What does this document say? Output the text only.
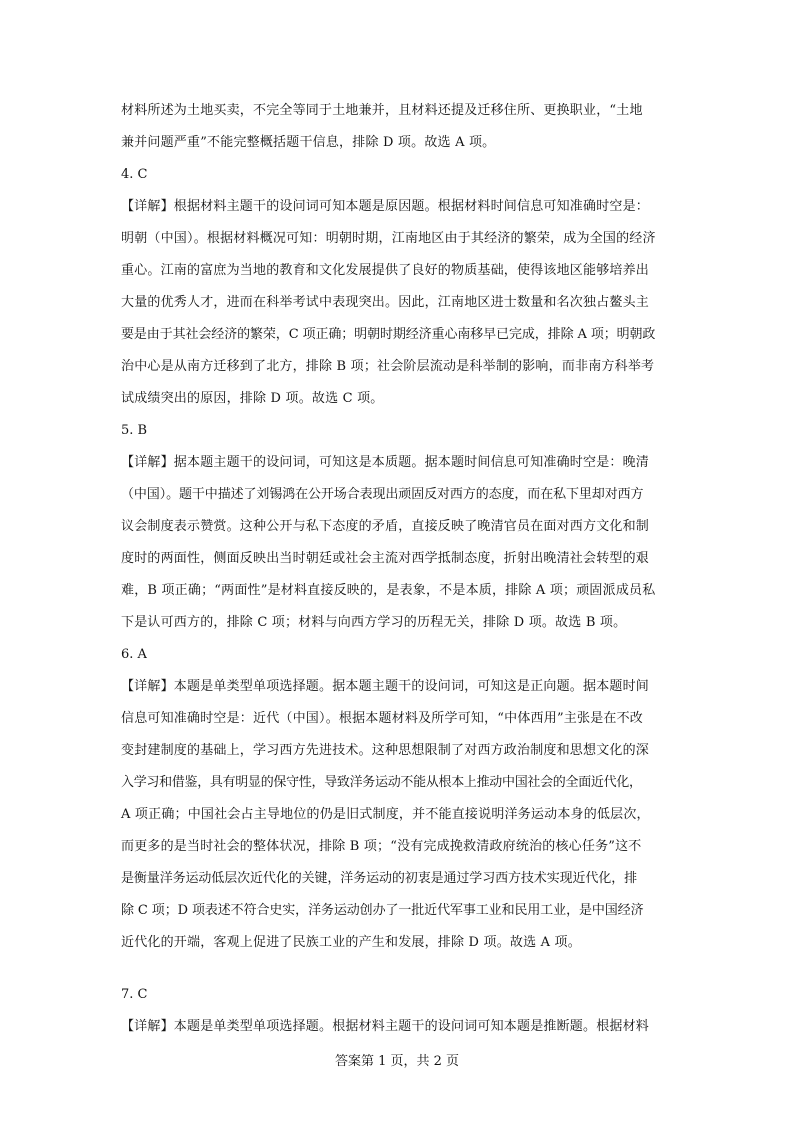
材料所述为土地买卖，不完全等同于土地兼并，且材料还提及迁移住所、更换职业，“土地
兼并问题严重”不能完整概括题干信息，排除 D 项。故选 A 项。
4. C
【详解】根据材料主题干的设问词可知本题是原因题。根据材料时间信息可知准确时空是：
明朝（中国）。根据材料概况可知：明朝时期，江南地区由于其经济的繁荣，成为全国的经济
重心。江南的富庶为当地的教育和文化发展提供了良好的物质基础，使得该地区能够培养出
大量的优秀人才，进而在科举考试中表现突出。因此，江南地区进士数量和名次独占鳌头主
要是由于其社会经济的繁荣，C 项正确；明朝时期经济重心南移早已完成，排除 A 项；明朝政
治中心是从南方迁移到了北方，排除 B 项；社会阶层流动是科举制的影响，而非南方科举考
试成绩突出的原因，排除 D 项。故选 C 项。
5. B
【详解】据本题主题干的设问词，可知这是本质题。据本题时间信息可知准确时空是：晚清
（中国）。题干中描述了刘锡鸿在公开场合表现出顽固反对西方的态度，而在私下里却对西方
议会制度表示赞赏。这种公开与私下态度的矛盾，直接反映了晚清官员在面对西方文化和制
度时的两面性，侧面反映出当时朝廷或社会主流对西学抵制态度，折射出晚清社会转型的艰
难，B 项正确；“两面性”是材料直接反映的，是表象，不是本质，排除 A 项；顽固派成员私
下是认可西方的，排除 C 项；材料与向西方学习的历程无关，排除 D 项。故选 B 项。
6. A
【详解】本题是单类型单项选择题。据本题主题干的设问词，可知这是正向题。据本题时间
信息可知准确时空是：近代（中国）。根据本题材料及所学可知，“中体西用”主张是在不改
变封建制度的基础上，学习西方先进技术。这种思想限制了对西方政治制度和思想文化的深
入学习和借鉴，具有明显的保守性，导致洋务运动不能从根本上推动中国社会的全面近代化，
A 项正确；中国社会占主导地位的仍是旧式制度，并不能直接说明洋务运动本身的低层次，
而更多的是当时社会的整体状况，排除 B 项；“没有完成挽救清政府统治的核心任务”这不
是衡量洋务运动低层次近代化的关键，洋务运动的初衷是通过学习西方技术实现近代化，排
除 C 项；D 项表述不符合史实，洋务运动创办了一批近代军事工业和民用工业，是中国经济
近代化的开端，客观上促进了民族工业的产生和发展，排除 D 项。故选 A 项。
7. C
【详解】本题是单类型单项选择题。根据材料主题干的设问词可知本题是推断题。根据材料
答案第 1 页，共 2 页
